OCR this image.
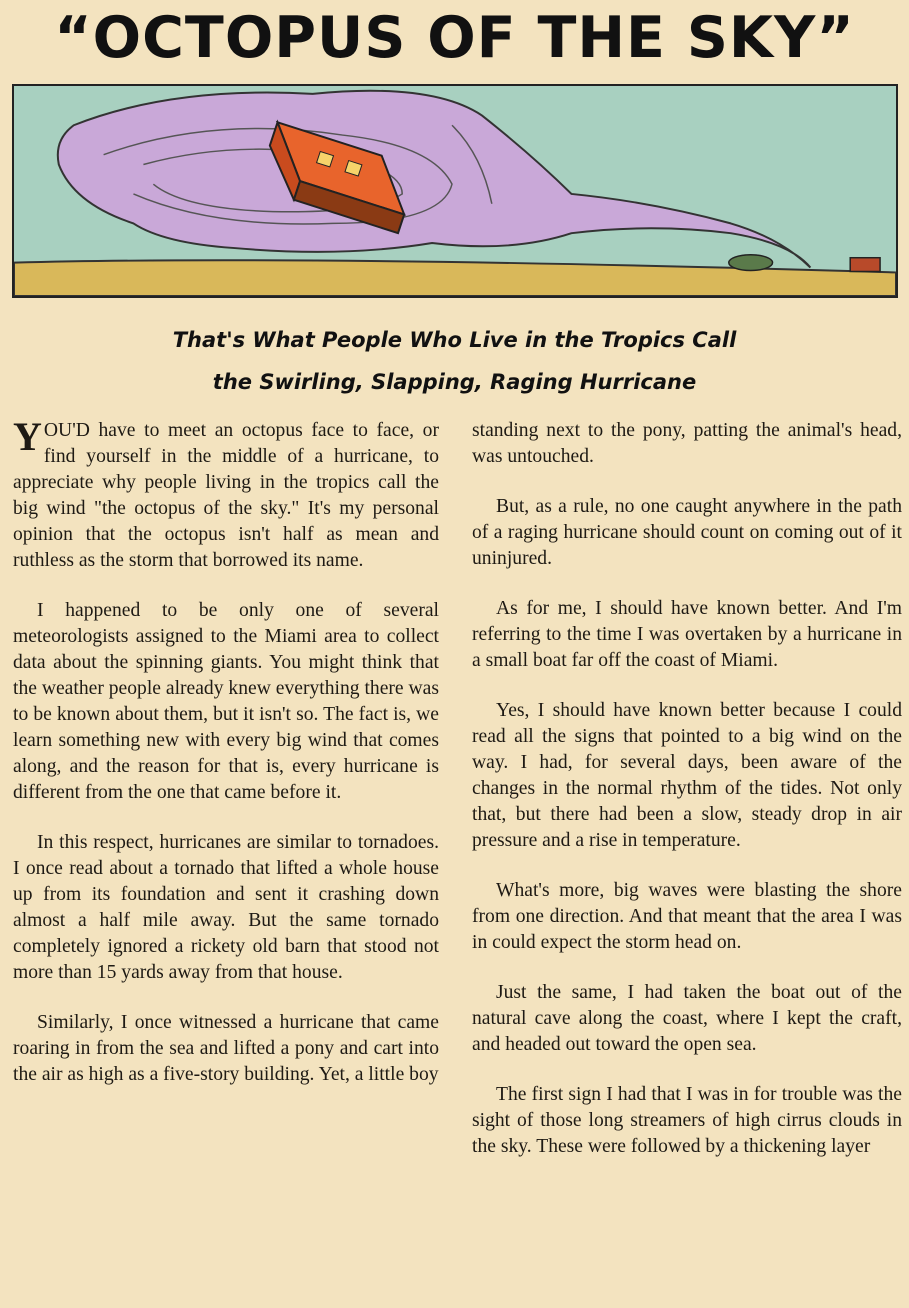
“OCTOPUS OF THE SKY”
That's What People Who Live in the Tropics Call
the Swirling, Slapping, Raging Hurricane

YOU'D have to meet an octopus face to face, or find yourself in the middle of a hurricane, to appreciate why people living in the tropics call the big wind "the octopus of the sky." It's my personal opinion that the octopus isn't half as mean and ruthless as the storm that borrowed its name.

I happened to be only one of several meteorologists assigned to the Miami area to collect data about the spinning giants. You might think that the weather people already knew everything there was to be known about them, but it isn't so. The fact is, we learn something new with every big wind that comes along, and the reason for that is, every hurricane is different from the one that came before it.

In this respect, hurricanes are similar to tornadoes. I once read about a tornado that lifted a whole house up from its foundation and sent it crashing down almost a half mile away. But the same tornado completely ignored a rickety old barn that stood not more than 15 yards away from that house.

Similarly, I once witnessed a hurricane that came roaring in from the sea and lifted a pony and cart into the air as high as a five-story building. Yet, a little boy

standing next to the pony, patting the animal's head, was untouched.

But, as a rule, no one caught anywhere in the path of a raging hurricane should count on coming out of it uninjured.

As for me, I should have known better. And I'm referring to the time I was overtaken by a hurricane in a small boat far off the coast of Miami.

Yes, I should have known better because I could read all the signs that pointed to a big wind on the way. I had, for several days, been aware of the changes in the normal rhythm of the tides. Not only that, but there had been a slow, steady drop in air pressure and a rise in temperature.

What's more, big waves were blasting the shore from one direction. And that meant that the area I was in could expect the storm head on.

Just the same, I had taken the boat out of the natural cave along the coast, where I kept the craft, and headed out toward the open sea.

The first sign I had that I was in for trouble was the sight of those long streamers of high cirrus clouds in the sky. These were followed by a thickening layer
